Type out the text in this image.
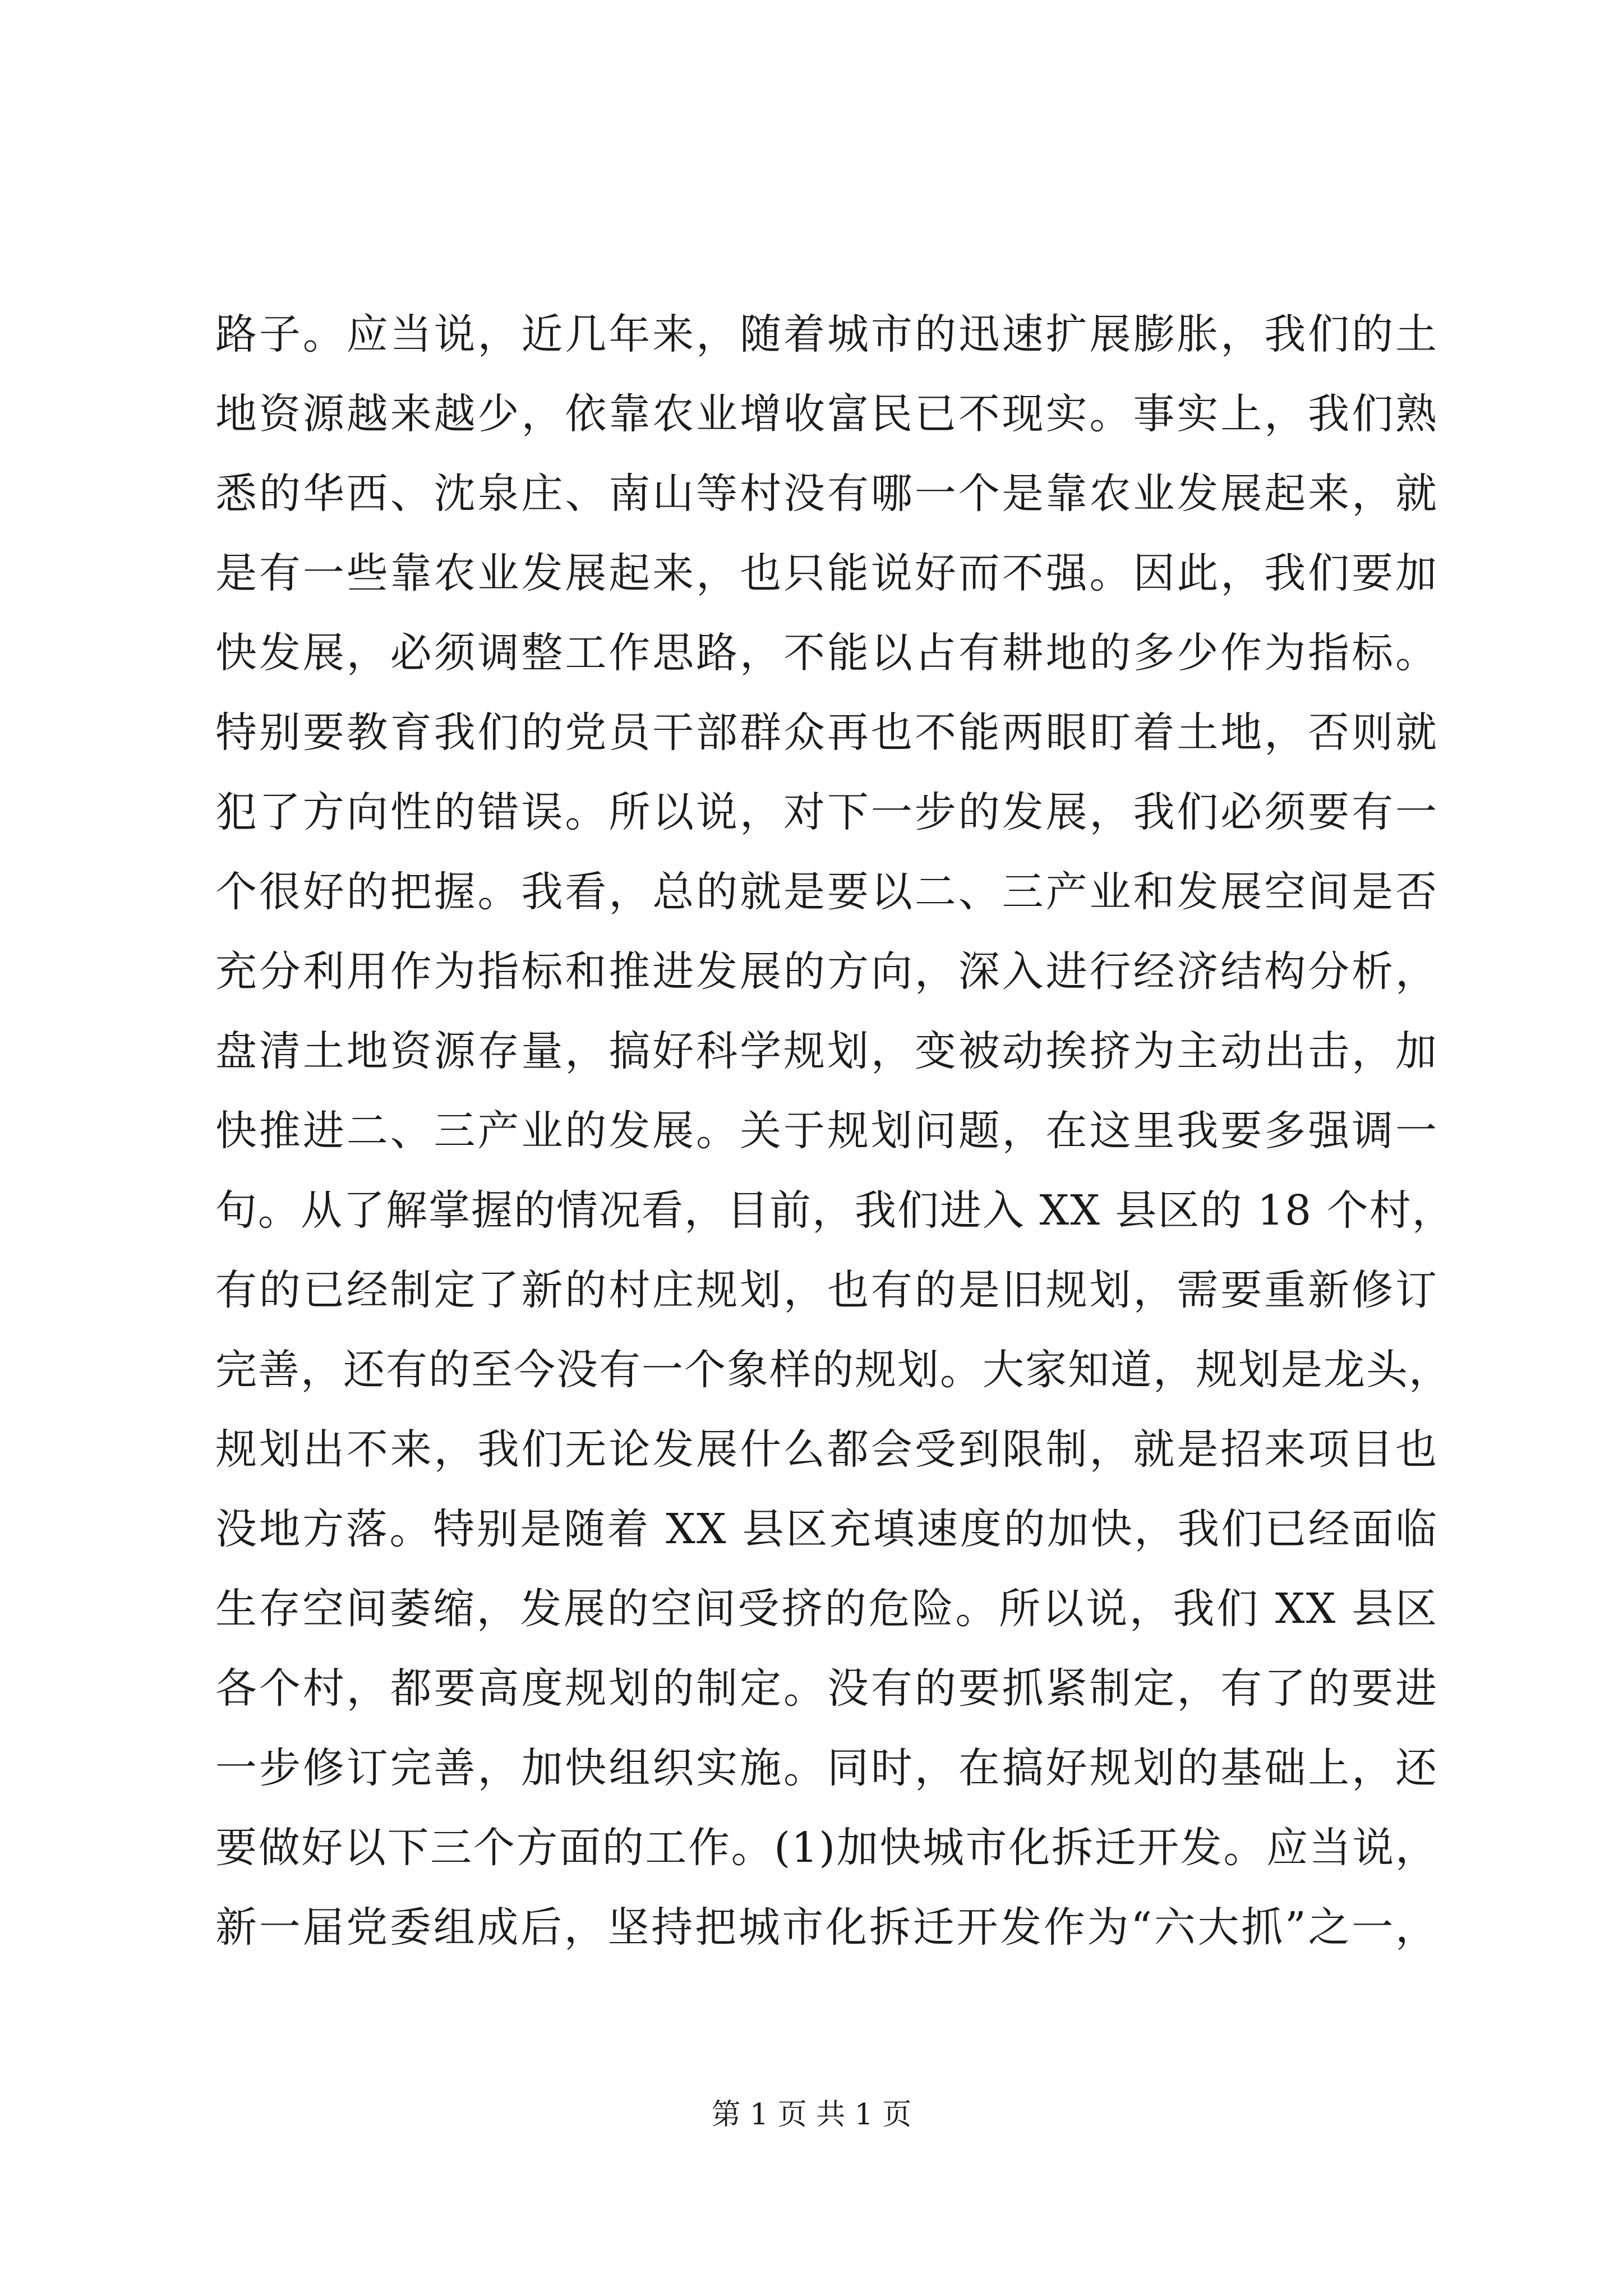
路子。应当说，近几年来，随着城市的迅速扩展膨胀，我们的土
地资源越来越少，依靠农业增收富民已不现实。事实上，我们熟
悉的华西、沈泉庄、南山等村没有哪一个是靠农业发展起来，就
是有一些靠农业发展起来，也只能说好而不强。因此，我们要加
快发展，必须调整工作思路，不能以占有耕地的多少作为指标。
特别要教育我们的党员干部群众再也不能两眼盯着土地，否则就
犯了方向性的错误。所以说，对下一步的发展，我们必须要有一
个很好的把握。我看，总的就是要以二、三产业和发展空间是否
充分利用作为指标和推进发展的方向，深入进行经济结构分析，
盘清土地资源存量，搞好科学规划，变被动挨挤为主动出击，加
快推进二、三产业的发展。关于规划问题，在这里我要多强调一
句。从了解掌握的情况看，目前，我们进入 XX 县区的 18 个村，
有的已经制定了新的村庄规划，也有的是旧规划，需要重新修订
完善，还有的至今没有一个象样的规划。大家知道，规划是龙头，
规划出不来，我们无论发展什么都会受到限制，就是招来项目也
没地方落。特别是随着 XX 县区充填速度的加快，我们已经面临
生存空间萎缩，发展的空间受挤的危险。所以说，我们 XX 县区
各个村，都要高度规划的制定。没有的要抓紧制定，有了的要进
一步修订完善，加快组织实施。同时，在搞好规划的基础上，还
要做好以下三个方面的工作。(1)加快城市化拆迁开发。应当说，
新一届党委组成后，坚持把城市化拆迁开发作为“六大抓”之一，
第 1 页 共 1 页
